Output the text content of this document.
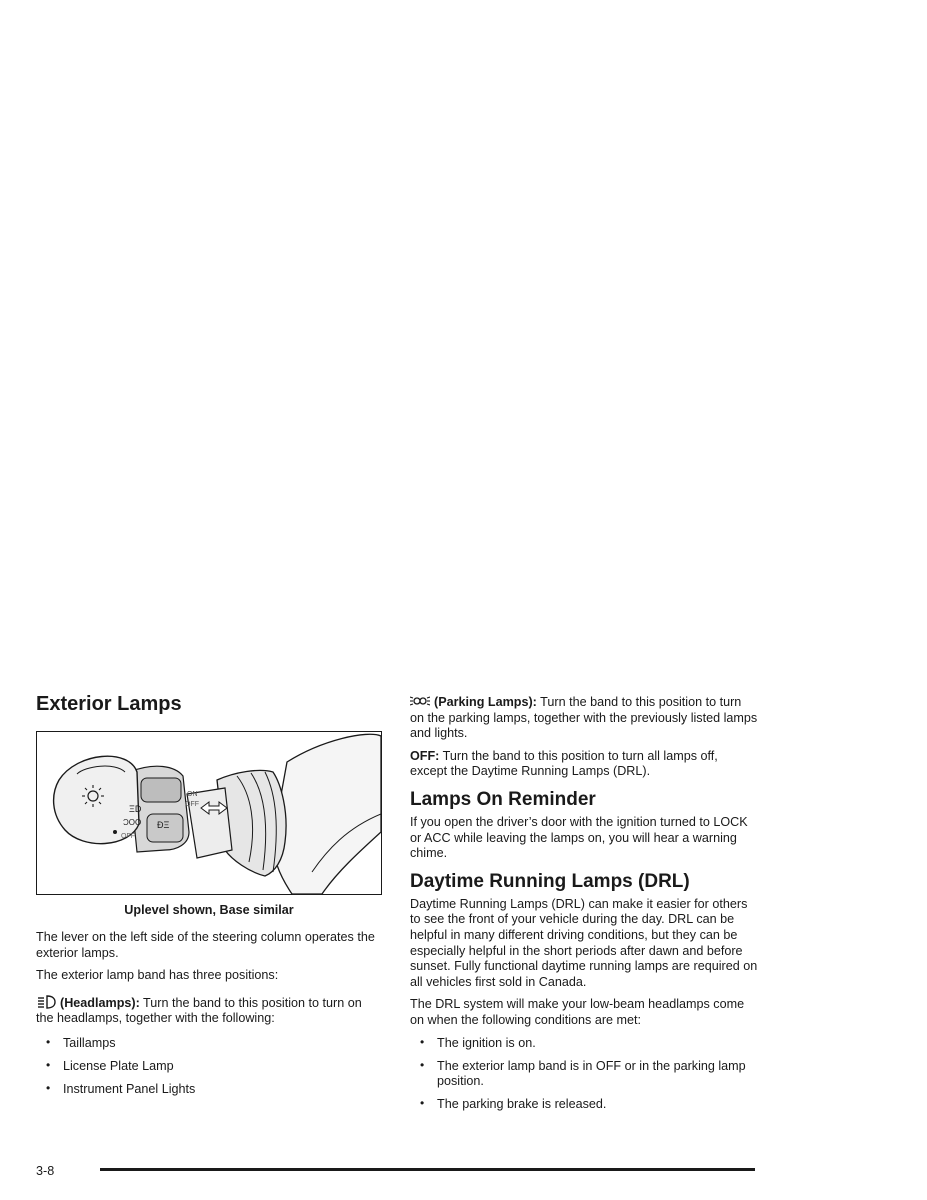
Exterior Lamps
ΞD
ƆOO
OFF
ĐΞ
ON
OFF
Uplevel shown, Base similar

The lever on the left side of the steering column operates the exterior lamps.

The exterior lamp band has three positions:

(Headlamps): Turn the band to this position to turn on the headlamps, together with the following:

• Taillamps
• License Plate Lamp
• Instrument Panel Lights

(Parking Lamps): Turn the band to this position to turn on the parking lamps, together with the previously listed lamps and lights.

OFF: Turn the band to this position to turn all lamps off, except the Daytime Running Lamps (DRL).

Lamps On Reminder

If you open the driver’s door with the ignition turned to LOCK or ACC while leaving the lamps on, you will hear a warning chime.

Daytime Running Lamps (DRL)

Daytime Running Lamps (DRL) can make it easier for others to see the front of your vehicle during the day. DRL can be helpful in many different driving conditions, but they can be especially helpful in the short periods after dawn and before sunset. Fully functional daytime running lamps are required on all vehicles first sold in Canada.

The DRL system will make your low-beam headlamps come on when the following conditions are met:

• The ignition is on.
• The exterior lamp band is in OFF or in the parking lamp position.
• The parking brake is released.
3-8
